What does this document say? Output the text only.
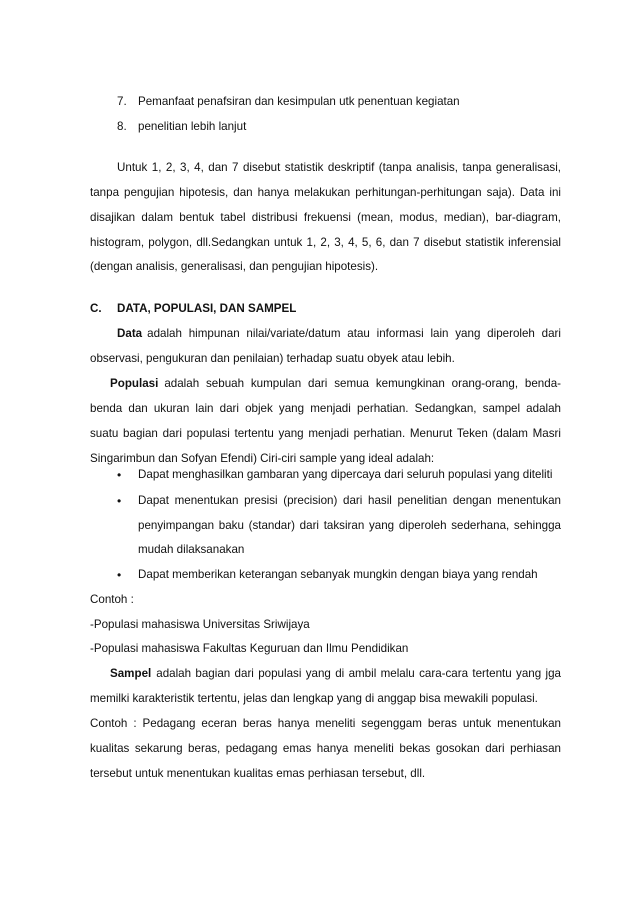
7. Pemanfaat penafsiran dan kesimpulan utk penentuan kegiatan
8. penelitian lebih lanjut
Untuk 1, 2, 3, 4, dan 7 disebut statistik deskriptif (tanpa analisis, tanpa generalisasi,
tanpa pengujian hipotesis, dan hanya melakukan perhitungan-perhitungan saja). Data ini
disajikan dalam bentuk tabel distribusi frekuensi (mean, modus, median), bar-diagram,
histogram, polygon, dll.Sedangkan untuk 1, 2, 3, 4, 5, 6, dan 7 disebut statistik inferensial
(dengan analisis, generalisasi, dan pengujian hipotesis).
C. DATA, POPULASI, DAN SAMPEL
Data adalah himpunan nilai/variate/datum atau informasi lain yang diperoleh dari
observasi, pengukuran dan penilaian) terhadap suatu obyek atau lebih.
Populasi adalah sebuah kumpulan dari semua kemungkinan orang-orang, benda-
benda dan ukuran lain dari objek yang menjadi perhatian. Sedangkan, sampel adalah
suatu bagian dari populasi tertentu yang menjadi perhatian. Menurut Teken (dalam Masri
Singarimbun dan Sofyan Efendi) Ciri-ciri sample yang ideal adalah:
• Dapat menghasilkan gambaran yang dipercaya dari seluruh populasi yang diteliti
• Dapat menentukan presisi (precision) dari hasil penelitian dengan menentukan
penyimpangan baku (standar) dari taksiran yang diperoleh sederhana, sehingga
mudah dilaksanakan
• Dapat memberikan keterangan sebanyak mungkin dengan biaya yang rendah
Contoh :
-Populasi mahasiswa Universitas Sriwijaya
-Populasi mahasiswa Fakultas Keguruan dan Ilmu Pendidikan
Sampel adalah bagian dari populasi yang di ambil melalu cara-cara tertentu yang jga
memilki karakteristik tertentu, jelas dan lengkap yang di anggap bisa mewakili populasi.
Contoh : Pedagang eceran beras hanya meneliti segenggam beras untuk menentukan
kualitas sekarung beras, pedagang emas hanya meneliti bekas gosokan dari perhiasan
tersebut untuk menentukan kualitas emas perhiasan tersebut, dll.
